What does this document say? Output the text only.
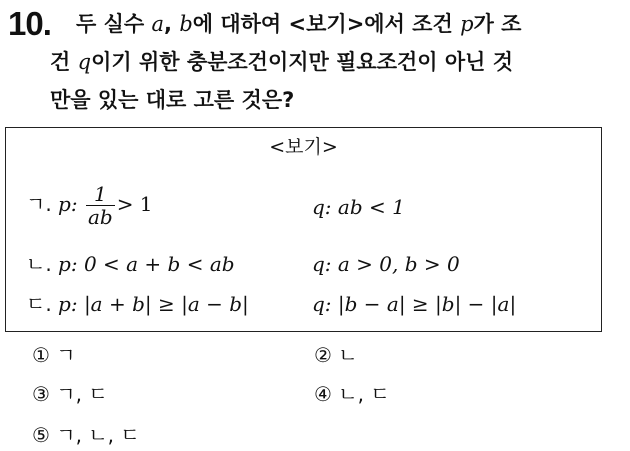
10. 두 실수 a, b에 대하여 <보기>에서 조건 p가 조
건 q이기 위한 충분조건이지만 필요조건이 아닌 것
만을 있는 대로 고른 것은?
<보기>
ㄱ. p: $\frac{1}{ab} > 1$	q: ab < 1
ㄴ. p: 0 < a + b < ab	q: a > 0, b > 0
ㄷ. p: |a + b| ≥ |a − b|	q: |b − a| ≥ |b| − |a|
① ㄱ	② ㄴ
③ ㄱ, ㄷ	④ ㄴ, ㄷ
⑤ ㄱ, ㄴ, ㄷ
